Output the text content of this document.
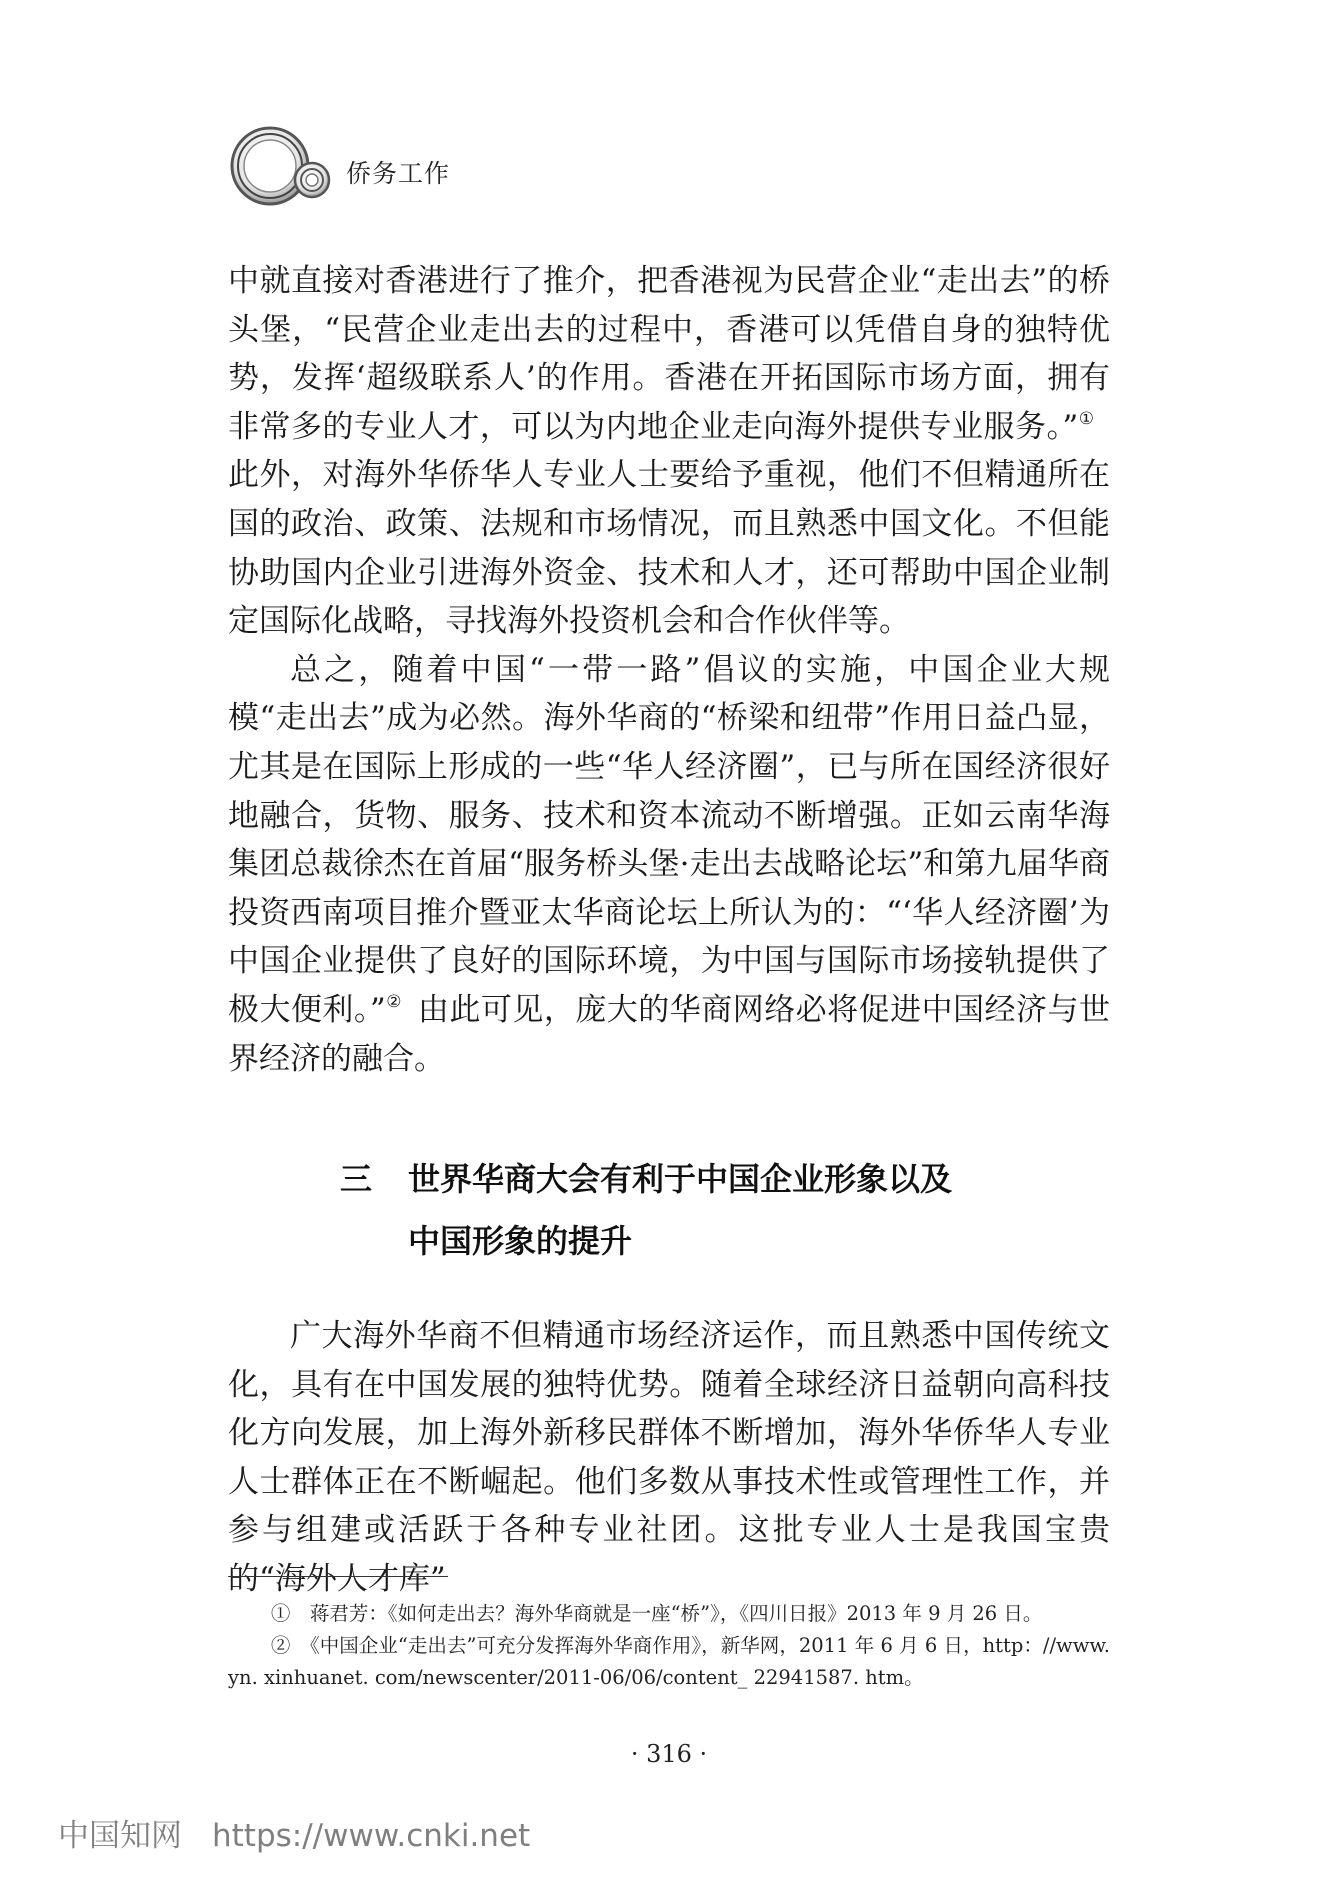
侨务工作

中就直接对香港进行了推介，把香港视为民营企业“走出去”的桥头堡，“民营企业走出去的过程中，香港可以凭借自身的独特优势，发挥‘超级联系人’的作用。香港在开拓国际市场方面，拥有非常多的专业人才，可以为内地企业走向海外提供专业服务。”① 此外，对海外华侨华人专业人士要给予重视，他们不但精通所在国的政治、政策、法规和市场情况，而且熟悉中国文化。不但能协助国内企业引进海外资金、技术和人才，还可帮助中国企业制定国际化战略，寻找海外投资机会和合作伙伴等。

总之，随着中国“一带一路”倡议的实施，中国企业大规模“走出去”成为必然。海外华商的“桥梁和纽带”作用日益凸显，尤其是在国际上形成的一些“华人经济圈”，已与所在国经济很好地融合，货物、服务、技术和资本流动不断增强。正如云南华海集团总裁徐杰在首届“服务桥头堡·走出去战略论坛”和第九届华商投资西南项目推介暨亚太华商论坛上所认为的：“‘华人经济圈’为中国企业提供了良好的国际环境，为中国与国际市场接轨提供了极大便利。”②  由此可见，庞大的华商网络必将促进中国经济与世界经济的融合。

三 世界华商大会有利于中国企业形象以及
中国形象的提升

广大海外华商不但精通市场经济运作，而且熟悉中国传统文化，具有在中国发展的独特优势。随着全球经济日益朝向高科技化方向发展，加上海外新移民群体不断增加，海外华侨华人专业人士群体正在不断崛起。他们多数从事技术性或管理性工作，并参与组建或活跃于各种专业社团。这批专业人士是我国宝贵的“海外人才库”

①　蒋君芳：《如何走出去？海外华商就是一座“桥”》，《四川日报》2013 年 9 月 26 日。
②　《中国企业“走出去”可充分发挥海外华商作用》，新华网，2011 年 6 月 6 日，http：//www. yn. xinhuanet. com/newscenter/2011-06/06/content_ 22941587. htm。
· 316 ·
中国知网 https://www.cnki.net
